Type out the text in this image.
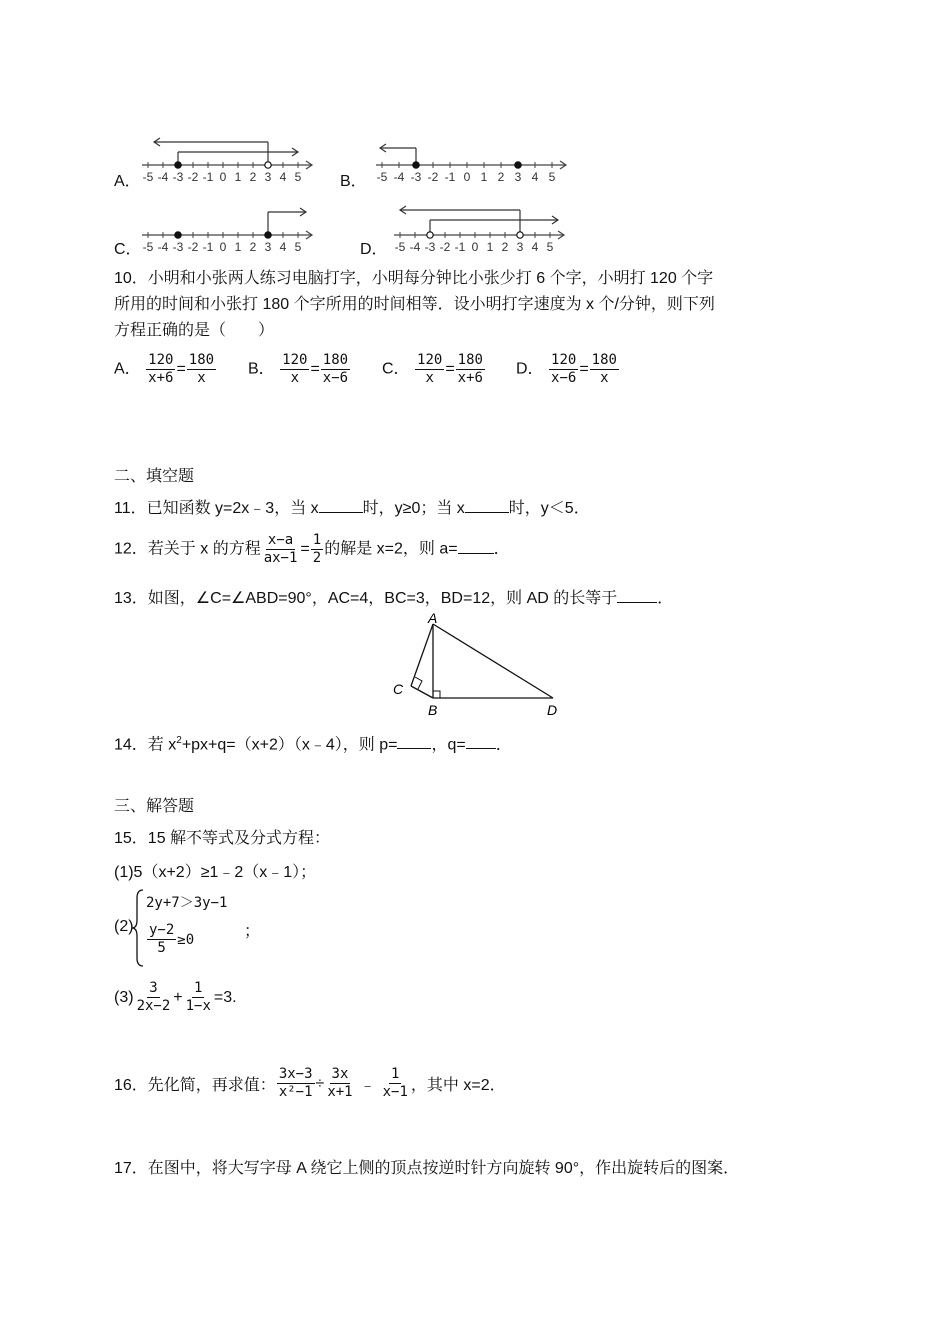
A． -5 -4 -3 -2 -1 0 1 2 3 4 5 B． -5 -4 -3 -2 -1 0 1 2 3 4 5
C． -5 -4 -3 -2 -1 0 1 2 3 4 5	D． -5 -4 -3 -2 -1 0 1 2 3 4 5
10．小明和小张两人练习电脑打字，小明每分钟比小张少打 6 个字，小明打 120 个字
所用的时间和小张打 180 个字所用的时间相等．设小明打字速度为 x 个/分钟，则下列
方程正确的是（　　）
A． $\frac{120}{x+6} = \frac{180}{x}$ B． $\frac{120}{x} = \frac{180}{x-6}$ C． $\frac{120}{x} = \frac{180}{x+6}$ D． $\frac{120}{x-6} = \frac{180}{x}$
二、填空题
11．已知函数 y=2x﹣3，当 x	时，y≥0；当 x	时，y＜5．
12．若关于 x 的方程 $\frac{x-a}{ax-1} = \frac{1}{2}$ 的解是 x=2，则 a= ．
13．如图，∠C=∠ABD=90°，AC=4，BC=3，BD=12，则 AD 的长等于	．
A
B
C
D
14．若 $x^2+px+q=(x+2)(x﹣4)$，则 p= ，q= ．
三、解答题
15．15 解不等式及分式方程：
(1)5（x+2）≥1﹣2（x﹣1）；
(2)
2y+7＞3y−1
$\frac{y-2}{5} \ge 0$	；
$(3) \frac{3}{2x-2} + \frac{1}{1-x} =3$.
16．先化简，再求值： $\frac{3x-3}{\text{x²−1}} \div \frac{3x}{x+1}$ ﹣ $\frac{1}{x-1}$ ，其中 x=2．
17．在图中，将大写字母 A 绕它上侧的顶点按逆时针方向旋转 90°，作出旋转后的图案．
